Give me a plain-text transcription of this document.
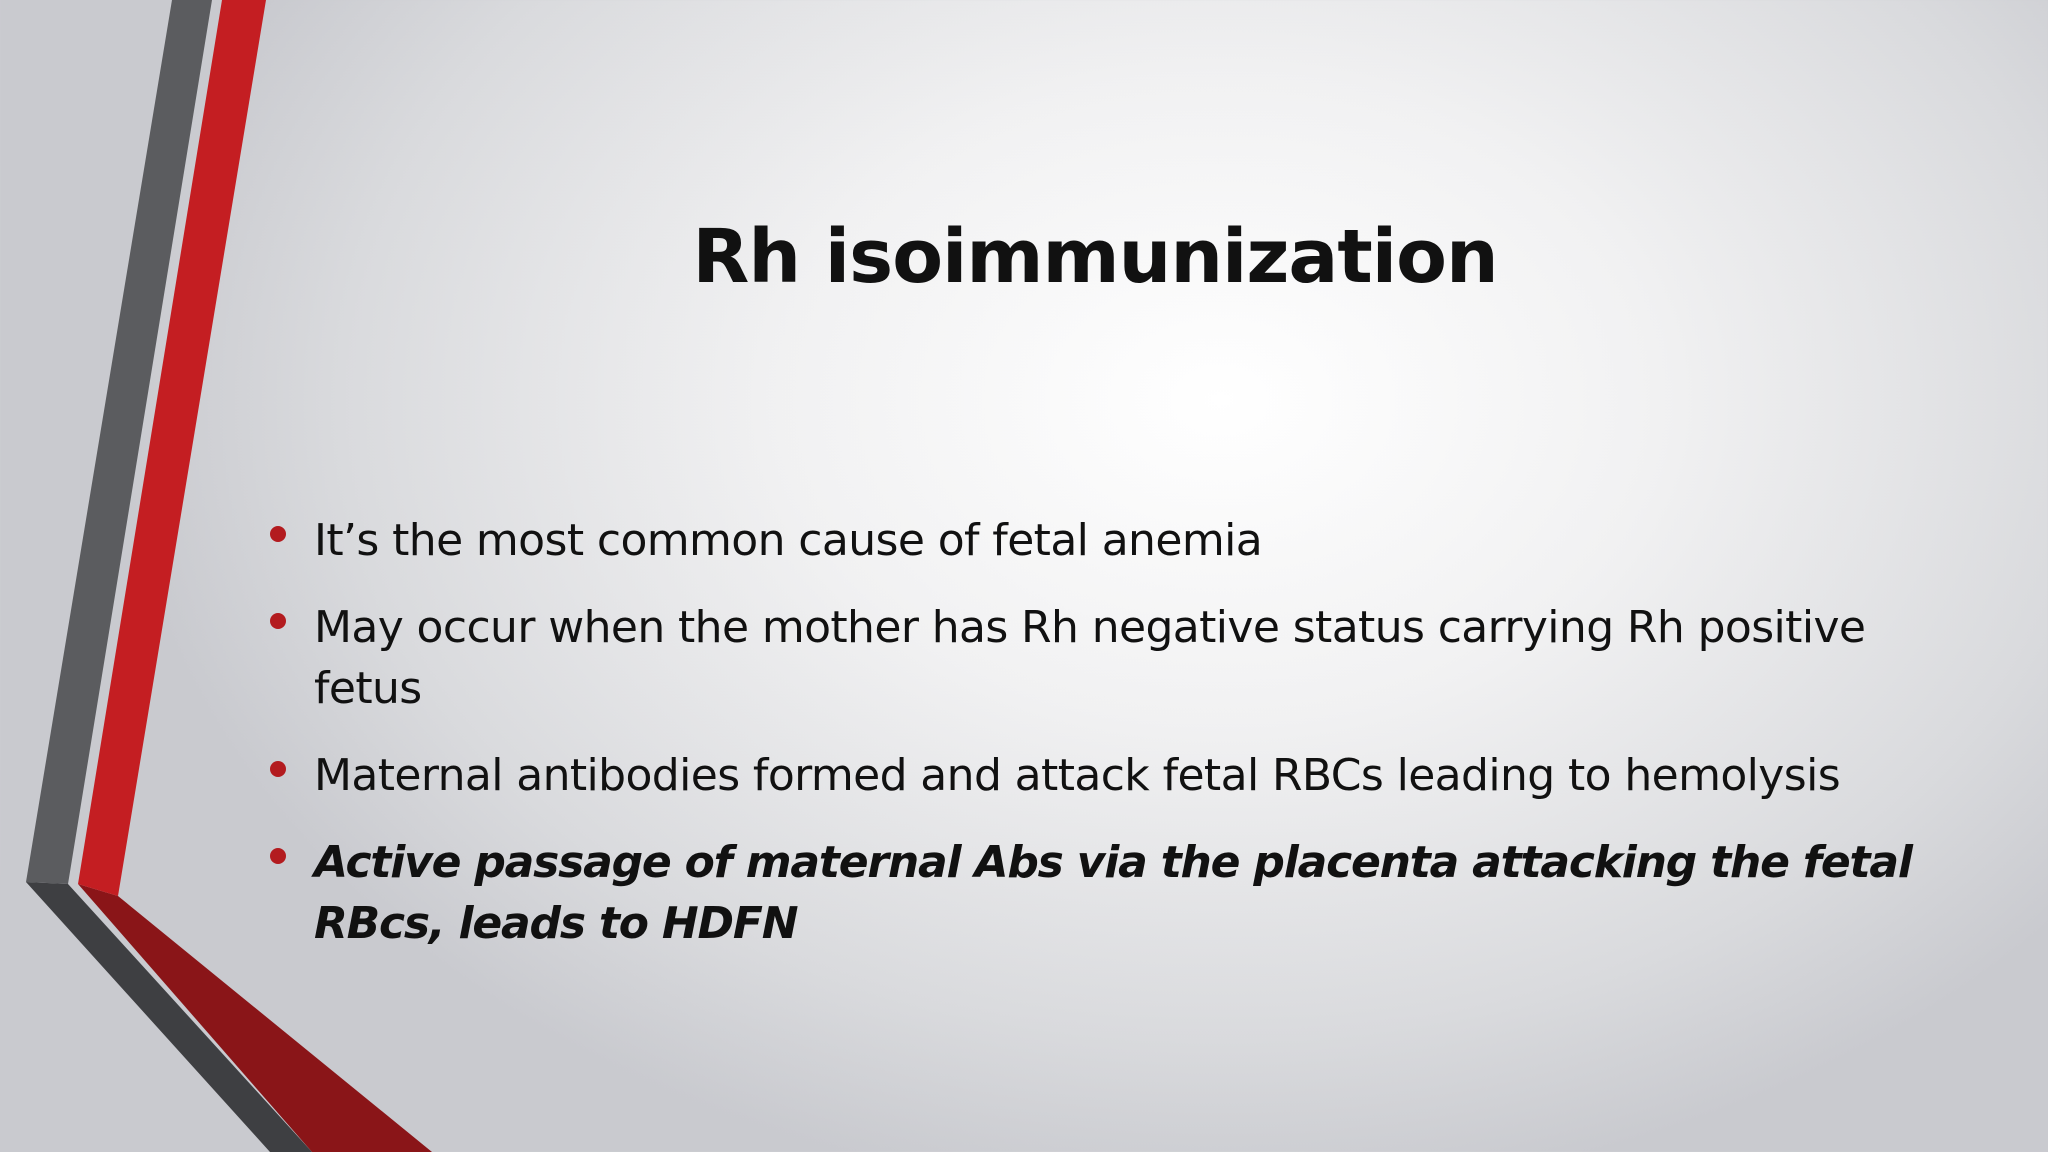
Rh isoimmunization
It’s the most common cause of fetal anemia
May occur when the mother has Rh negative status carrying Rh positive fetus
Maternal antibodies formed and attack fetal RBCs leading to hemolysis
Active passage of maternal Abs via the placenta attacking the fetal RBcs, leads to HDFN
